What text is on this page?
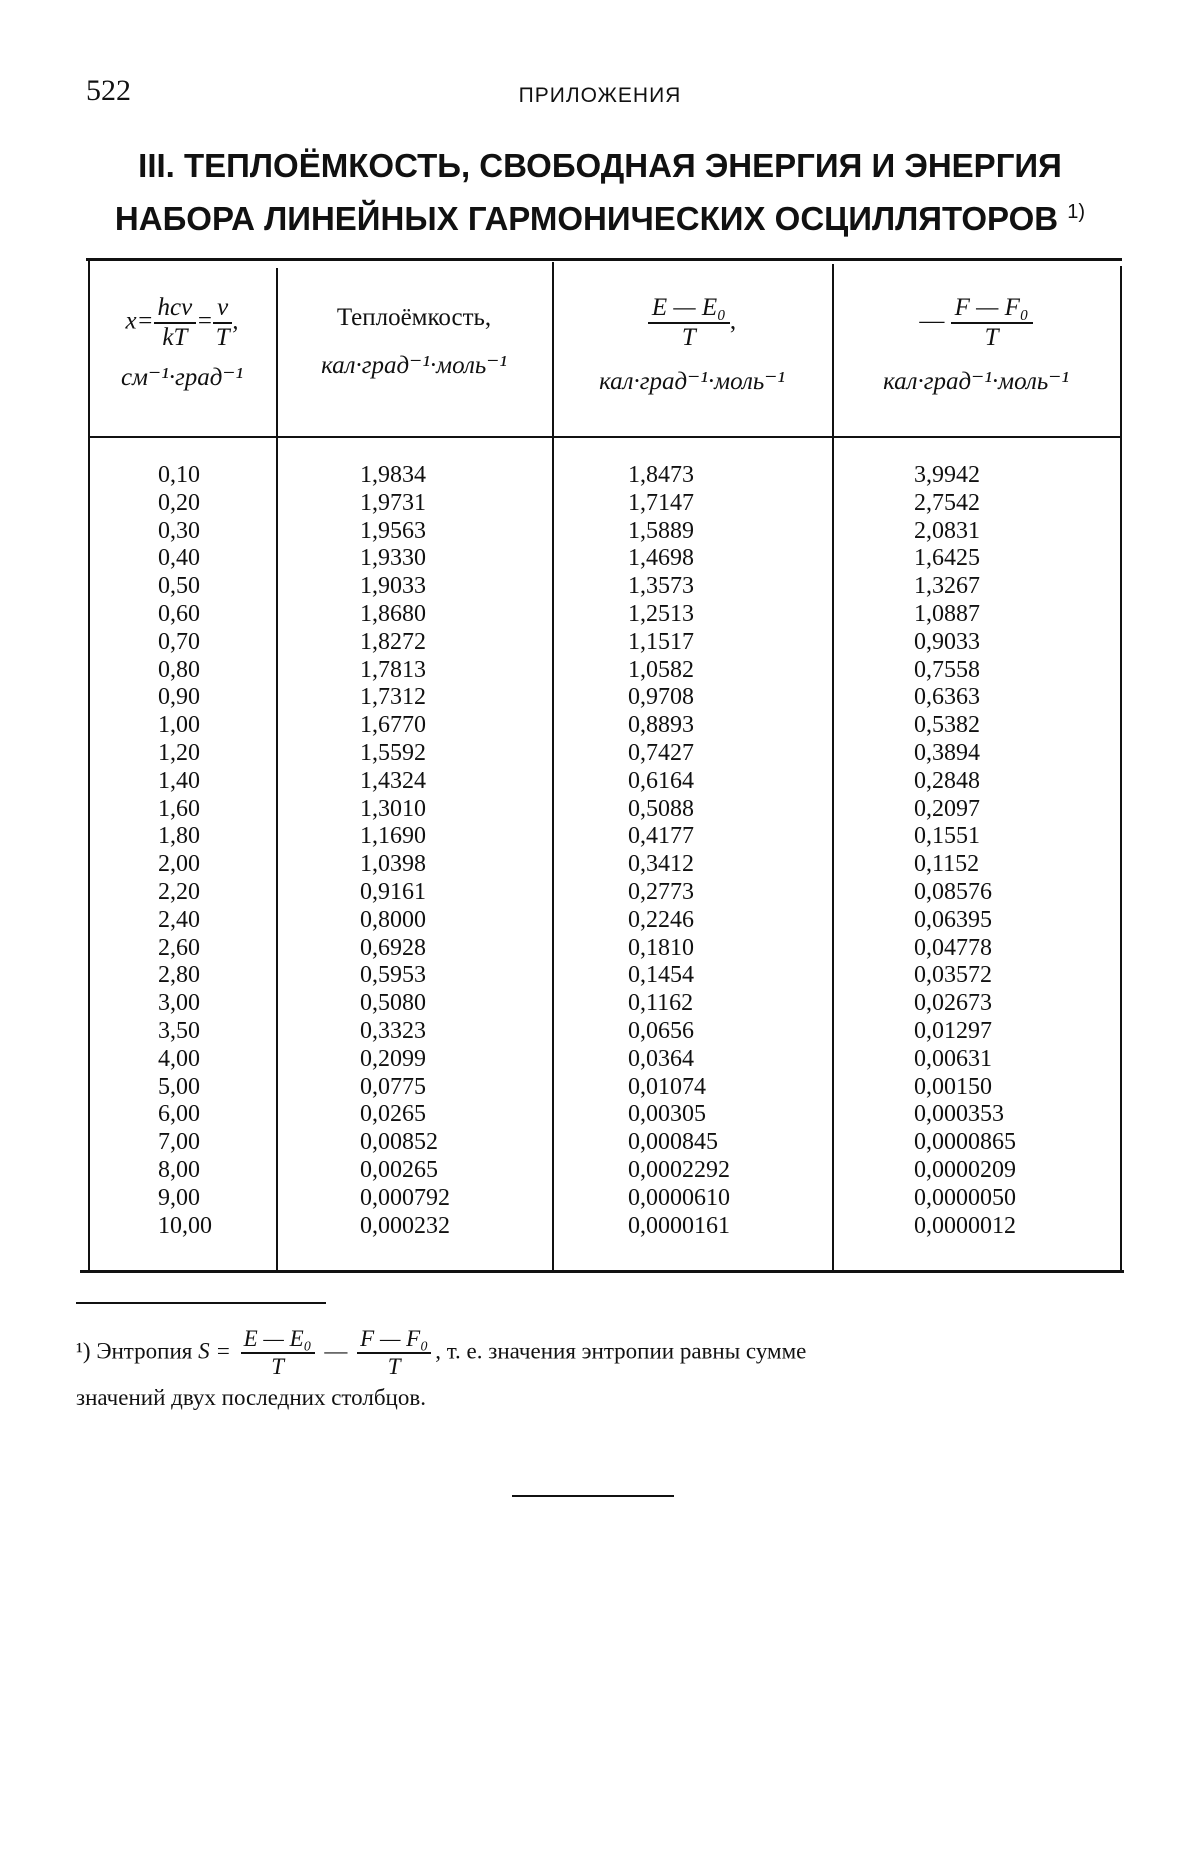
522	ПРИЛОЖЕНИЯ
III. ТЕПЛОЁМКОСТЬ, СВОБОДНАЯ ЭНЕРГИЯ И ЭНЕРГИЯ
НАБОРА ЛИНЕЙНЫХ ГАРМОНИЧЕСКИХ ОСЦИЛЛЯТОРОВ $^{1)}$
$x= \frac{\text{hcν}}{kT} = \frac{\nu}{T}$ ,
см⁻¹·град⁻¹
Теплоёмкость,
кал·град⁻¹·моль⁻¹
$\frac{\text{E — E₀}}{T}$ ,
кал·град⁻¹·моль⁻¹
— $\frac{\text{F — F₀}}{T}$
кал·град⁻¹·моль⁻¹
0,10
0,20
0,30
0,40
0,50
0,60
0,70
0,80
0,90
1,00
1,20
1,40
1,60
1,80
2,00
2,20
2,40
2,60
2,80
3,00
3,50
4,00
5,00
6,00
7,00
8,00
9,00
10,00
1,9834
1,9731
1,9563
1,9330
1,9033
1,8680
1,8272
1,7813
1,7312
1,6770
1,5592
1,4324
1,3010
1,1690
1,0398
0,9161
0,8000
0,6928
0,5953
0,5080
0,3323
0,2099
0,0775
0,0265
0,00852
0,00265
0,000792
0,000232
1,8473
1,7147
1,5889
1,4698
1,3573
1,2513
1,1517
1,0582
0,9708
0,8893
0,7427
0,6164
0,5088
0,4177
0,3412
0,2773
0,2246
0,1810
0,1454
0,1162
0,0656
0,0364
0,01074
0,00305
0,000845
0,0002292
0,0000610
0,0000161
3,9942
2,7542
2,0831
1,6425
1,3267
1,0887
0,9033
0,7558
0,6363
0,5382
0,3894
0,2848
0,2097
0,1551
0,1152
0,08576
0,06395
0,04778
0,03572
0,02673
0,01297
0,00631
0,00150
0,000353
0,0000865
0,0000209
0,0000050
0,0000012
¹) Энтропия $S = \frac{\text{E — E₀}}{T}$ — $\frac{\text{F — F₀}}{T}$ , т. е. значения энтропии равны сумме
значений двух последних столбцов.
